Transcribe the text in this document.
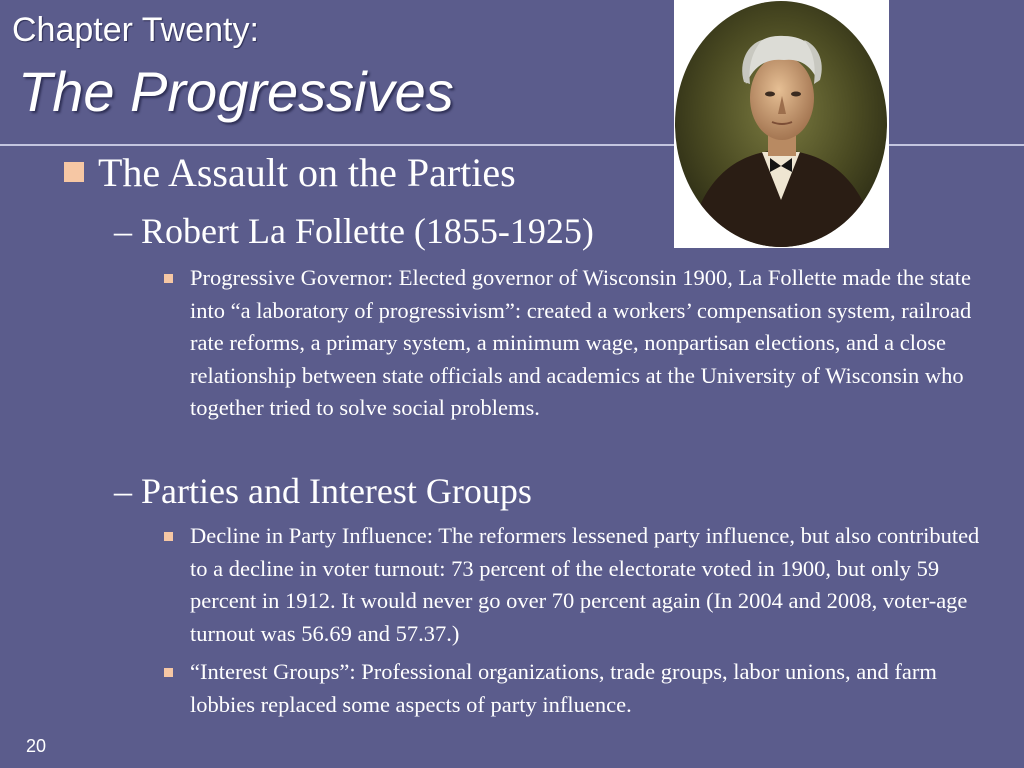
Chapter Twenty:
The Progressives
The Assault on the Parties
– Robert La Follette (1855-1925)
Progressive Governor: Elected governor of Wisconsin 1900, La Follette made the state into “a laboratory of progressivism”: created a workers’ compensation system, railroad rate reforms, a primary system, a minimum wage, nonpartisan elections, and a close relationship between state officials and academics at the University of Wisconsin who together tried to solve social problems.
– Parties and Interest Groups
Decline in Party Influence: The reformers lessened party influence, but also contributed to a decline in voter turnout: 73 percent of the electorate voted in 1900, but only 59 percent in 1912. It would never go over 70 percent again (In 2004 and 2008, voter-age turnout was 56.69 and 57.37.)
“Interest Groups”: Professional organizations, trade groups, labor unions, and farm lobbies replaced some aspects of party influence.
20
